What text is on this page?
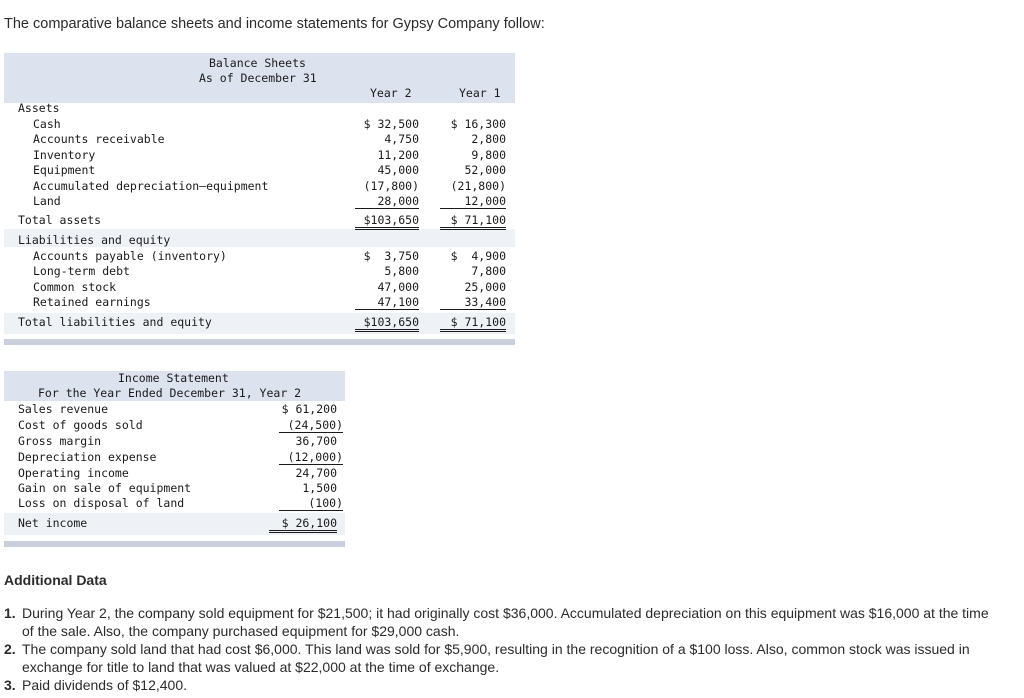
The comparative balance sheets and income statements for Gypsy Company follow:
Balance Sheets
As of December 31
Year 2	Year 1
Assets
Cash	$ 32,500	$ 16,300
Accounts receivable	4,750	2,800
Inventory	11,200	9,800
Equipment	45,000	52,000
Accumulated depreciation—equipment	(17,800)	(21,800)
Land	28,000	12,000
Total assets	$103,650	$ 71,100
Liabilities and equity
Accounts payable (inventory)	$  3,750	$  4,900
Long-term debt	5,800	7,800
Common stock	47,000	25,000
Retained earnings	47,100	33,400
Total liabilities and equity	$103,650	$ 71,100
Income Statement
For the Year Ended December 31, Year 2
Sales revenue	$ 61,200
Cost of goods sold	(24,500)
Gross margin	36,700
Depreciation expense	(12,000)
Operating income	24,700
Gain on sale of equipment	1,500
Loss on disposal of land	(100)
Net income	$ 26,100
Additional Data
1. During Year 2, the company sold equipment for $21,500; it had originally cost $36,000. Accumulated depreciation on this equipment was $16,000 at the time of the sale. Also, the company purchased equipment for $29,000 cash.
2. The company sold land that had cost $6,000. This land was sold for $5,900, resulting in the recognition of a $100 loss. Also, common stock was issued in exchange for title to land that was valued at $22,000 at the time of exchange.
3. Paid dividends of $12,400.
